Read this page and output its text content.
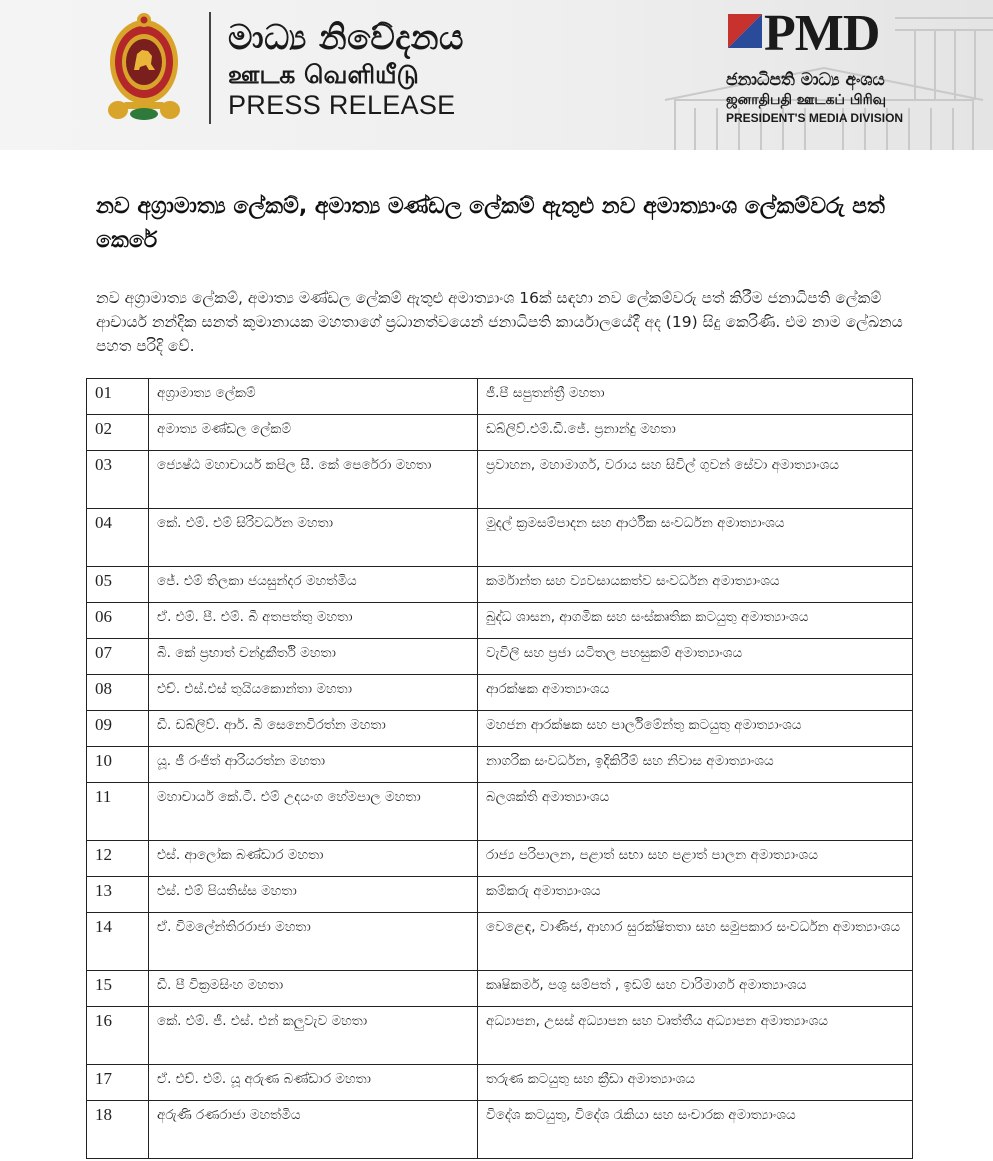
මාධ්‍ය නිවේදනය
ஊடக வெளியீடு
PRESS RELEASE
PMD
ජනාධිපති මාධ්‍ය අංශය
ஜனாதிபதி ஊடகப் பிரிவு
PRESIDENT'S MEDIA DIVISION
නව අග්‍රාමාත්‍ය ලේකම්, අමාත්‍ය මණ්ඩල ලේකම් ඇතුළු නව අමාත්‍යාංශ ලේකම්වරු පත් කෙරේ
නව අග්‍රාමාත්‍ය ලේකම්, අමාත්‍ය මණ්ඩල ලේකම් ඇතුළු අමාත්‍යාංශ 16ක් සඳහා නව ලේකම්වරු පත් කිරීම ජනාධිපති ලේකම් ආචාර්ය නන්දික සනත් කුමානායක මහතාගේ ප්‍රධානත්වයෙන් ජනාධිපති කාර්යාලයේදී අද (19) සිදු කෙරිණි. එම නාම ලේඛනය පහත පරිදි වේ.
01	අග්‍රාමාත්‍ය ලේකම්	ජී.පී සපුතන්ත්‍රී මහතා
02	අමාත්‍ය මණ්ඩල ලේකම්	ඩබ්ලිව්.එම්.ඩී.ජේ. ප්‍රනාන්දු මහතා
03	ජ්‍යෙෂ්ඨ මහාචාර්ය කපිල සී. කේ පෙරේරා මහතා	ප්‍රවාහන, මහාමාර්ග, වරාය සහ සිවිල් ගුවන් සේවා අමාත්‍යාංශය
04	කේ. එම්. එම් සිරිවර්ධන මහතා	මුදල් ක්‍රමසම්පාදන සහ ආර්ථික සංවර්ධන අමාත්‍යාංශය
05	ජේ. එම් තිලකා ජයසුන්දර මහත්මිය	කර්මාන්ත සහ ව්‍යවසායකත්ව සංවර්ධන අමාත්‍යාංශය
06	ඒ. එම්. පී. එම්. බී අතපත්තු මහතා	බුද්ධ ශාසන, ආගමික සහ සංස්කෘතික කටයුතු අමාත්‍යාංශය
07	බී. කේ ප්‍රභාත් චන්ද්‍රකීර්ති මහතා	වැවිලි සහ ප්‍රජා යටිතල පහසුකම් අමාත්‍යාංශය
08	එච්. එස්.එස් තුයියකොන්තා මහතා	ආරක්ෂක අමාත්‍යාංශය
09	ඩී. ඩබ්ලිව්. ආර්. බී සෙනෙවිරත්න මහතා	මහජන ආරක්ෂක සහ පාර්ලිමේන්තු කටයුතු අමාත්‍යාංශය
10	යූ. ජී රංජිත් ආරියරත්න මහතා	නාගරික සංවර්ධන, ඉදිකිරීම් සහ නිවාස අමාත්‍යාංශය
11	මහාචාර්ය කේ.ටී. එම් උදයංග හේමපාල මහතා	බලශක්ති අමාත්‍යාංශය
12	එස්. ආලෝක බණ්ඩාර මහතා	රාජ්‍ය පරිපාලන, පළාත් සභා සහ පළාත් පාලන අමාත්‍යාංශය
13	එස්. එම් පියතිස්ස මහතා	කම්කරු අමාත්‍යාංශය
14	ඒ. විමලේන්තිරරාජා මහතා	වෙළෙඳ, වාණිජ, ආහාර සුරක්ෂිතතා සහ සමුපකාර සංවර්ධන අමාත්‍යාංශය
15	ඩී. පී වික්‍රමසිංහ මහතා	කෘෂිකර්ම, පශු සම්පත් , ඉඩම් සහ වාරිමාර්ග අමාත්‍යාංශය
16	කේ. එම්. ජී. එස්. එන් කලුවැව මහතා	අධ්‍යාපන, උසස් අධ්‍යාපන සහ වෘත්තීය අධ්‍යාපන අමාත්‍යාංශය
17	ඒ. එච්. එම්. යූ අරුණ බණ්ඩාර මහතා	තරුණ කටයුතු සහ ක්‍රීඩා අමාත්‍යාංශය
18	අරුණි රණරාජා මහත්මිය	විදේශ කටයුතු, විදේශ රැකියා සහ සංචාරක අමාත්‍යාංශය
